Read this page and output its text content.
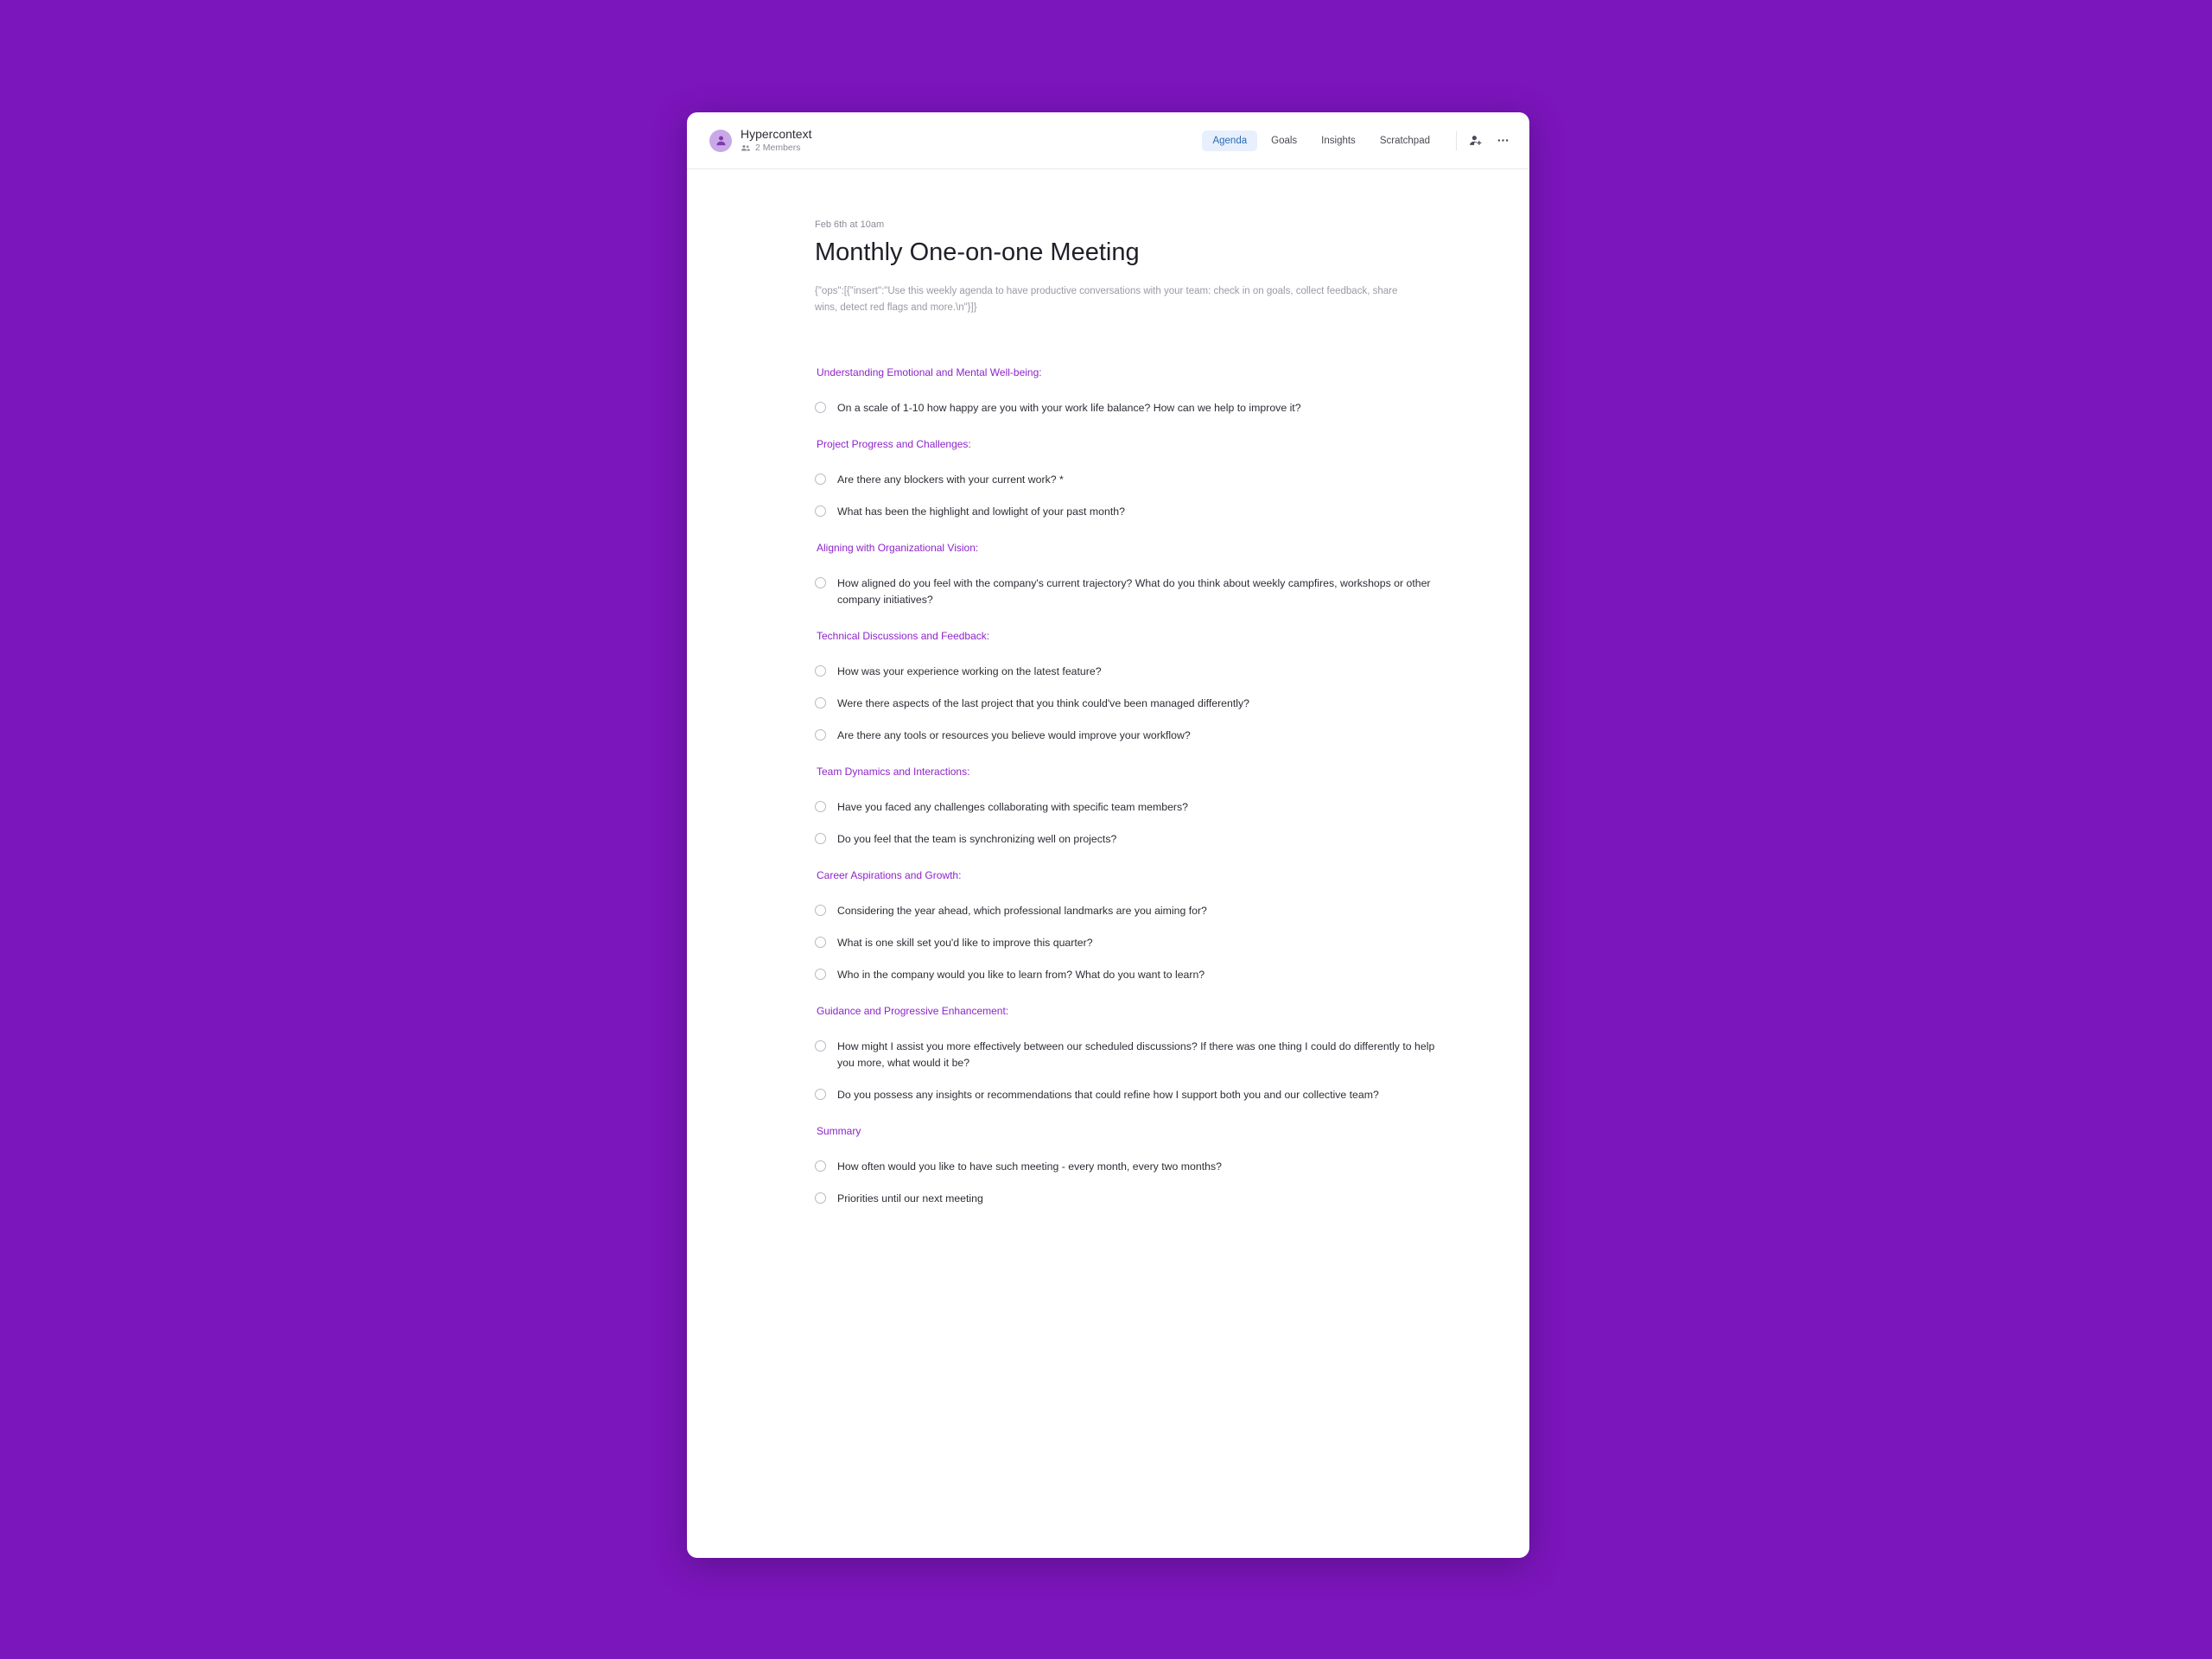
Hypercontext
2 Members
Agenda	Goals	Insights	Scratchpad
Feb 6th at 10am
Monthly One-on-one Meeting
{"ops":[{"insert":"Use this weekly agenda to have productive conversations with your team: check in on goals, collect feedback, share wins, detect red flags and more.\n"}]}
Understanding Emotional and Mental Well-being:
On a scale of 1-10 how happy are you with your work life balance? How can we help to improve it?
Project Progress and Challenges:
Are there any blockers with your current work? *
What has been the highlight and lowlight of your past month?
Aligning with Organizational Vision:
How aligned do you feel with the company's current trajectory? What do you think about weekly campfires, workshops or other company initiatives?
Technical Discussions and Feedback:
How was your experience working on the latest feature?
Were there aspects of the last project that you think could've been managed differently?
Are there any tools or resources you believe would improve your workflow?
Team Dynamics and Interactions:
Have you faced any challenges collaborating with specific team members?
Do you feel that the team is synchronizing well on projects?
Career Aspirations and Growth:
Considering the year ahead, which professional landmarks are you aiming for?
What is one skill set you'd like to improve this quarter?
Who in the company would you like to learn from? What do you want to learn?
Guidance and Progressive Enhancement:
How might I assist you more effectively between our scheduled discussions? If there was one thing I could do differently to help you more, what would it be?
Do you possess any insights or recommendations that could refine how I support both you and our collective team?
Summary
How often would you like to have such meeting - every month, every two months?
Priorities until our next meeting
